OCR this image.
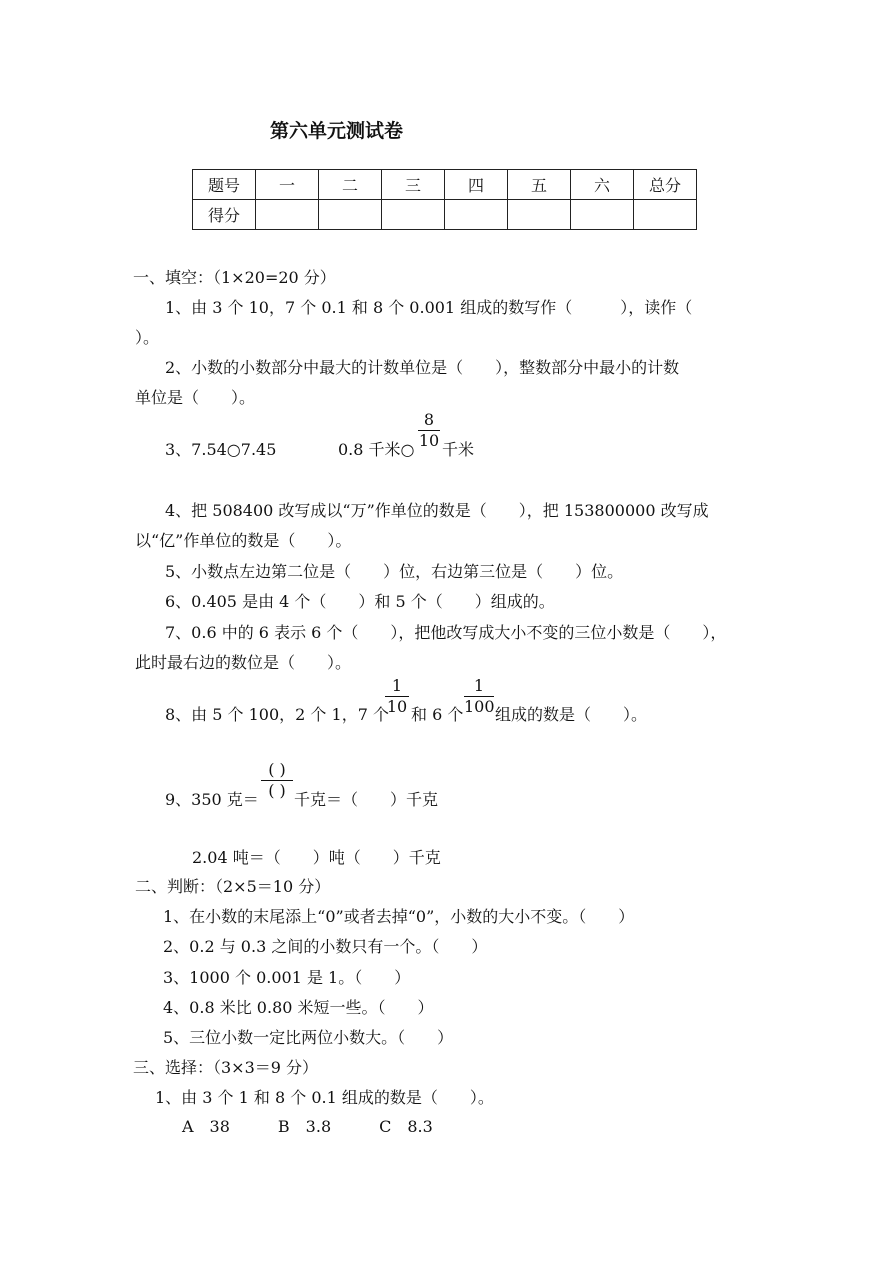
第六单元测试卷
题号	一	二	三	四	五	六	总分
得分							
一、填空：（1×20=20 分）
1、由 3 个 10，7 个 0.1 和 8 个 0.001 组成的数写作（　　　），读作（
）。
2、小数的小数部分中最大的计数单位是（　　），整数部分中最小的计数
单位是（　　）。
3、7.54○7.45	0.8 千米○
8
10 千米
4、把 508400 改写成以“万”作单位的数是（　　），把 153800000 改写成
以“亿”作单位的数是（　　）。
5、小数点左边第二位是（　　）位，右边第三位是（　　）位。
6、0.405 是由 4 个（　　）和 5 个（　　）组成的。
7、0.6 中的 6 表示 6 个（　　），把他改写成大小不变的三位小数是（　　），
此时最右边的数位是（　　）。
8、由 5 个 100，2 个 1，7 个
1
10 和 6 个
1
100 组成的数是（　　）。
9、350 克＝
( )
( ) 千克＝（　　）千克
2.04 吨＝（　　）吨（　　）千克
二、判断：（2×5＝10 分）
1、在小数的末尾添上“0”或者去掉“0”，小数的大小不变。（　　）
2、0.2 与 0.3 之间的小数只有一个。（　　）
3、1000 个 0.001 是 1。（　　）
4、0.8 米比 0.80 米短一些。（　　）
5、三位小数一定比两位小数大。（　　）
三、选择：（3×3＝9 分）
1、由 3 个 1 和 8 个 0.1 组成的数是（　　）。
A　38　　　B　3.8　　　C　8.3
